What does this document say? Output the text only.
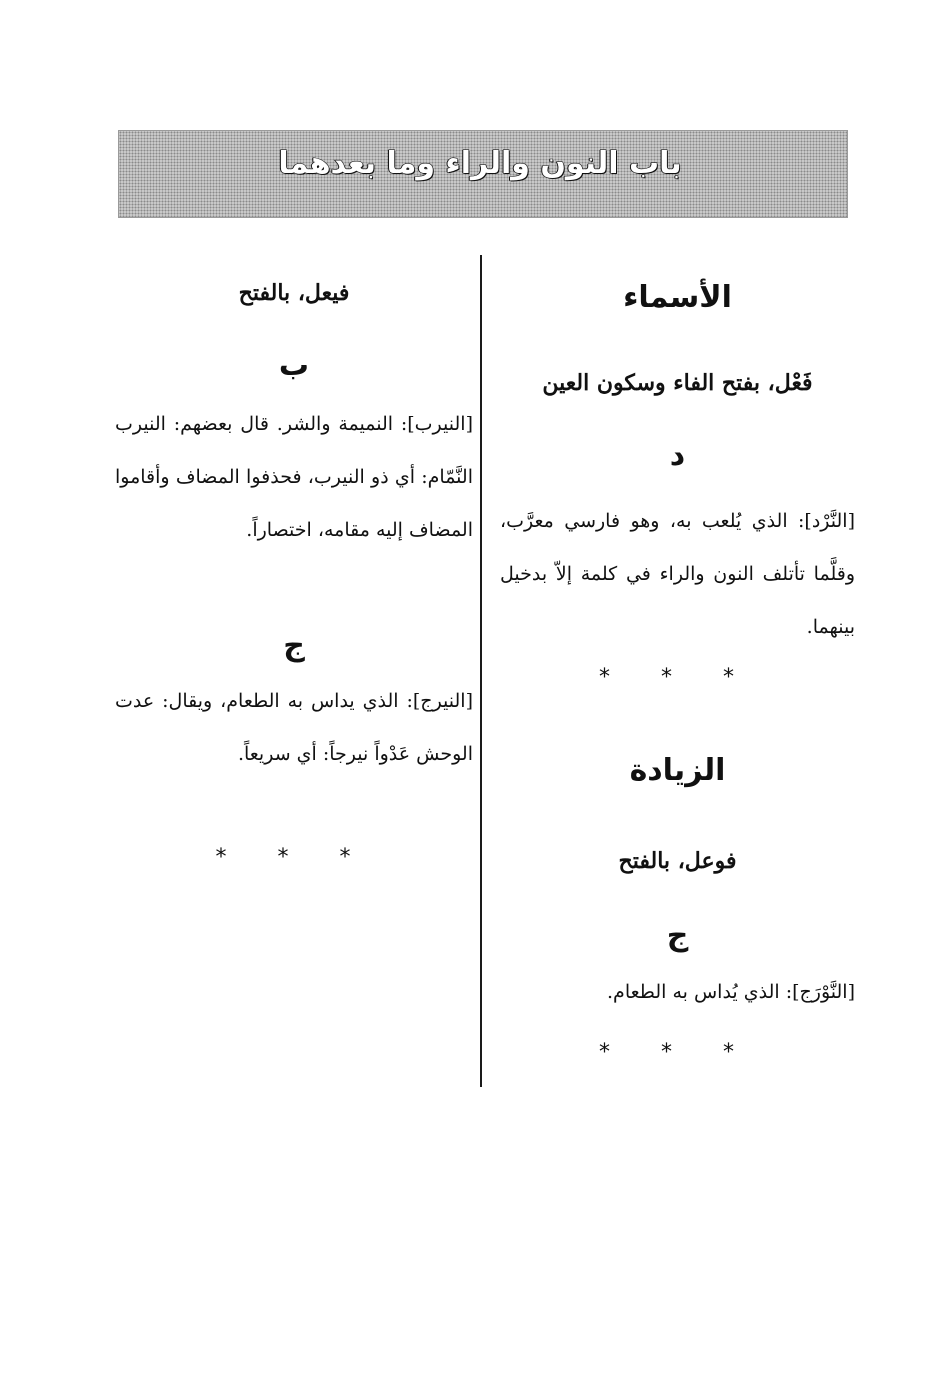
باب النون والراء وما بعدهما
الأسماء
فَعْل، بفتح الفاء وسكون العين
د

[النَّرْد]: الذي يُلعب به، وهو فارسي معرَّب، وقلَّما تأتلف النون والراء في كلمة إلاّ بدخيل بينهما.

* * *
الزيادة
فوعل، بالفتح
ج

[النَّوْرَج]: الذي يُداس به الطعام.

* * *
فيعل، بالفتح
ب

[النيرب]: النميمة والشر. قال بعضهم: النيرب النَّمّام: أي ذو النيرب، فحذفوا المضاف وأقاموا المضاف إليه مقامه، اختصاراً.

ج

[النيرج]: الذي يداس به الطعام، ويقال: عدت الوحش عَدْواً نيرجاً: أي سريعاً.

* * *
